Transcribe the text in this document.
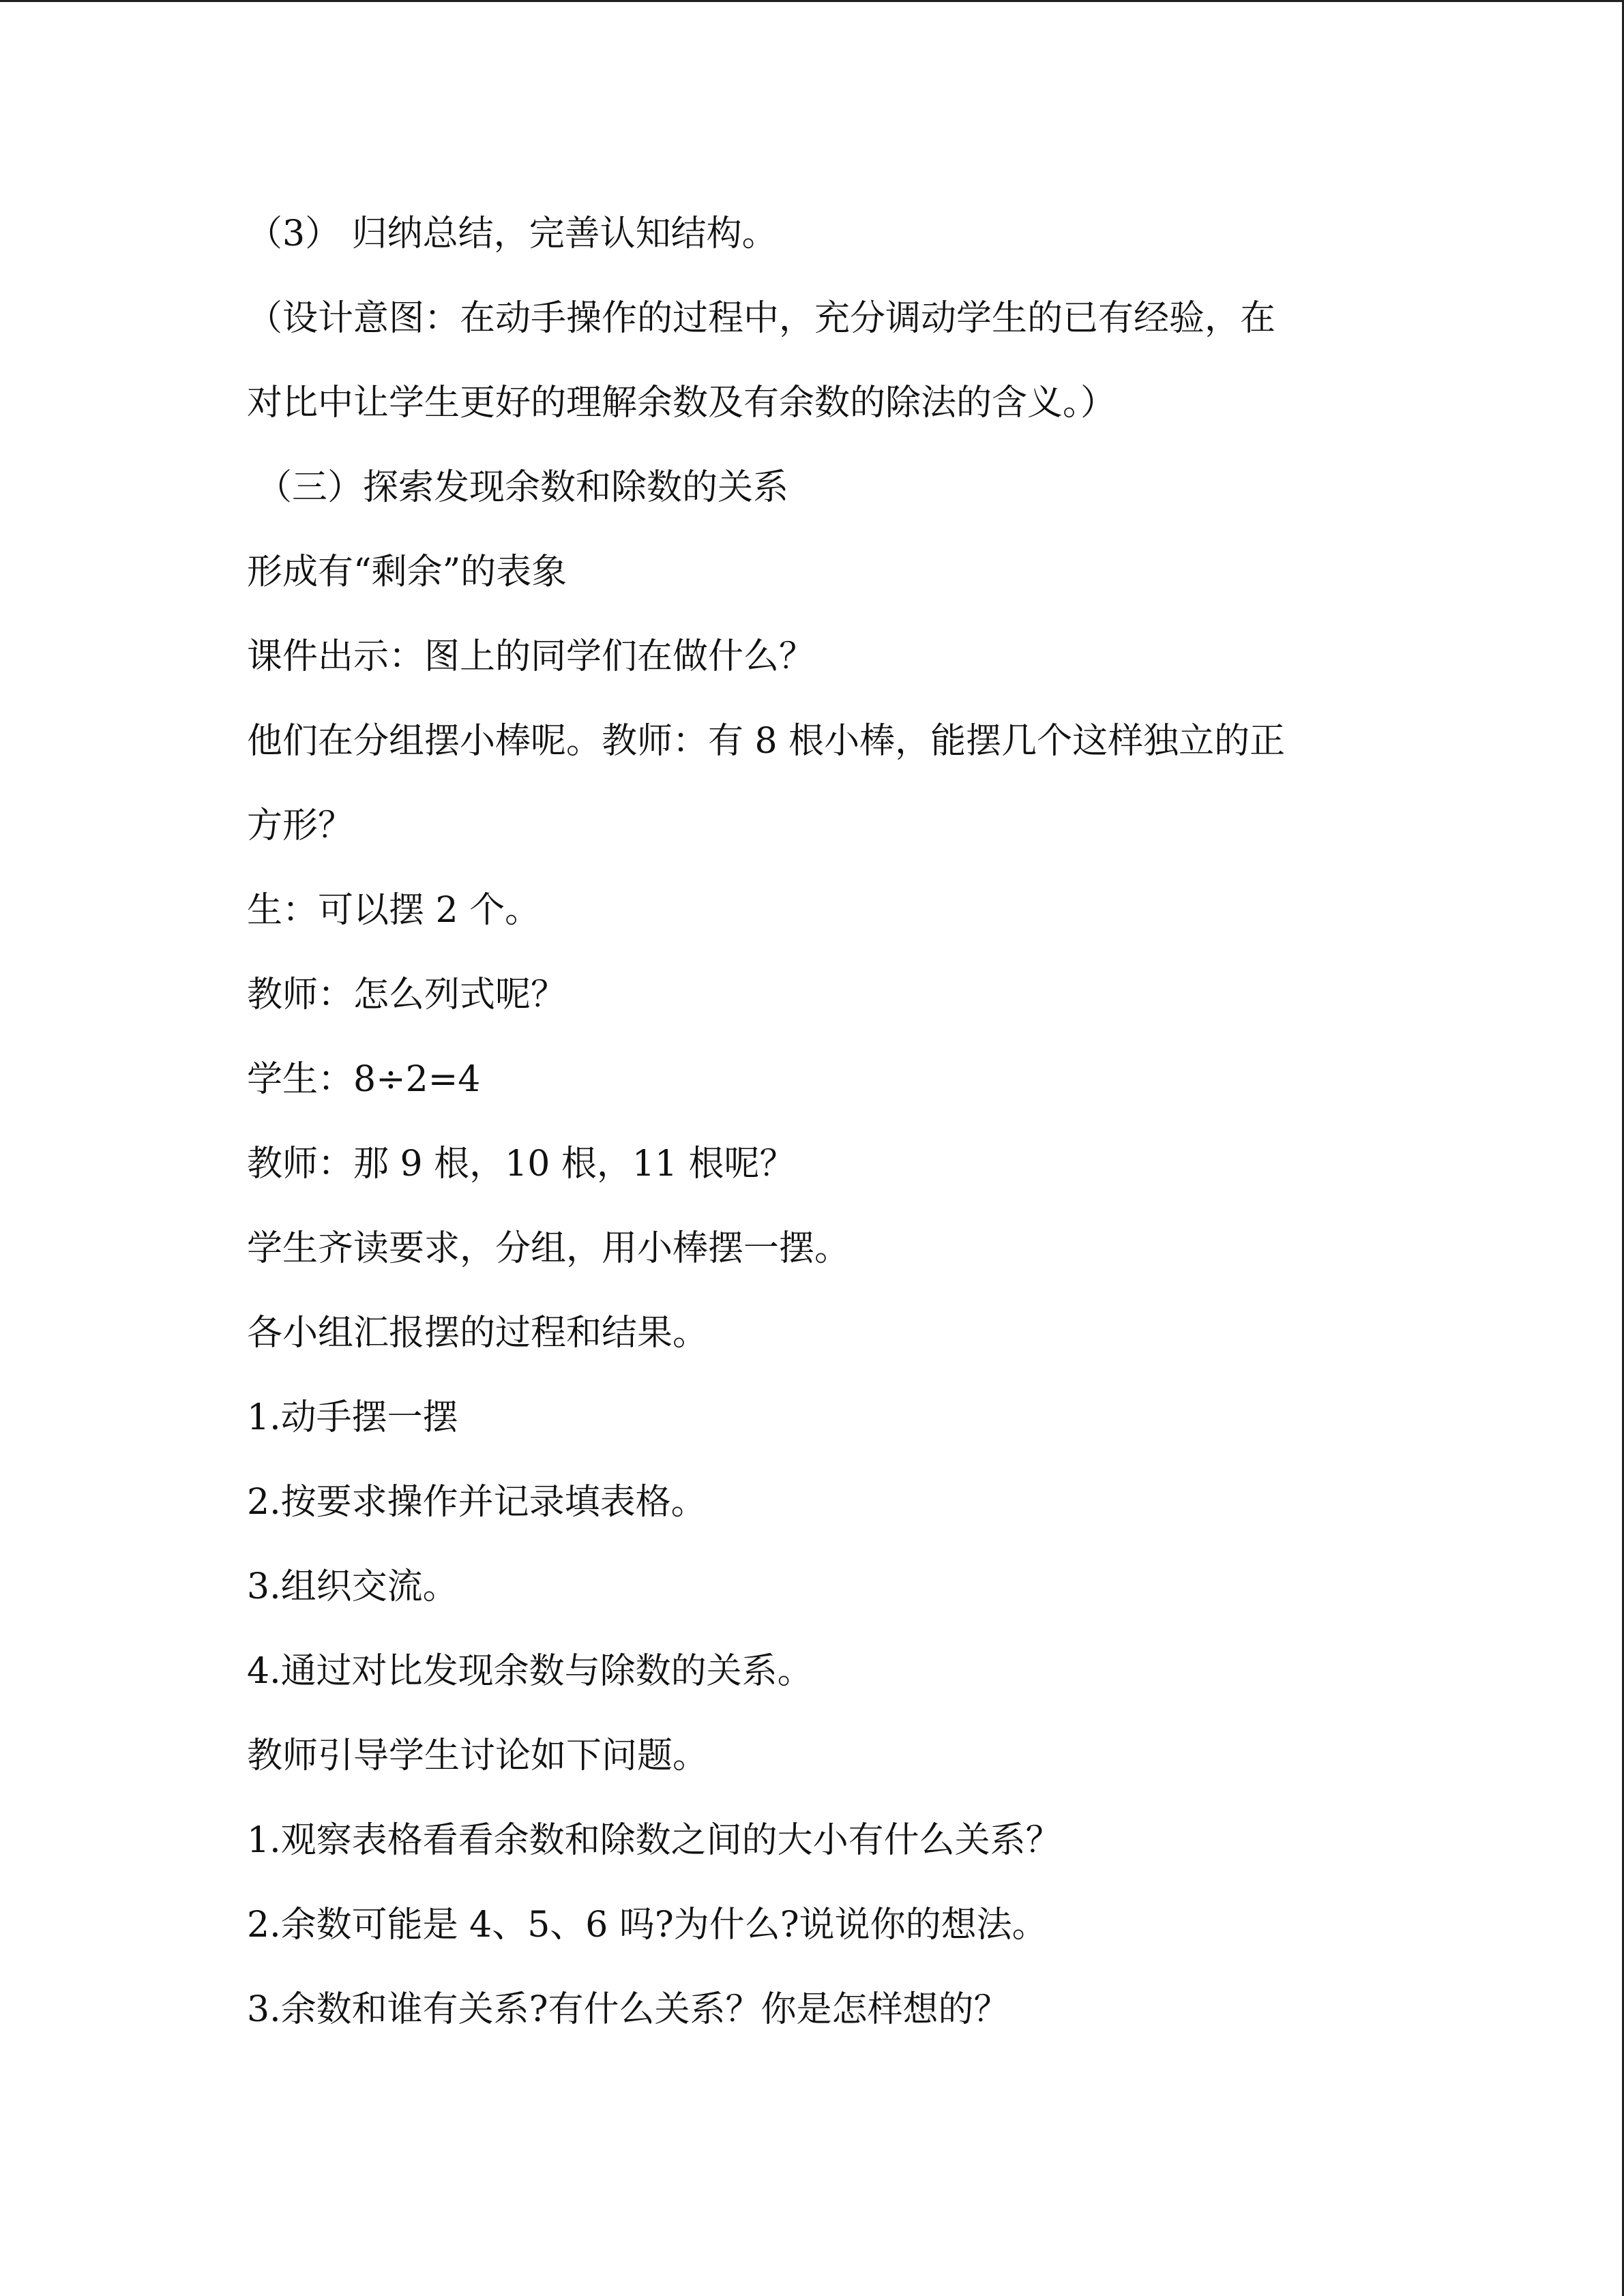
（3） 归纳总结，完善认知结构。
（设计意图：在动手操作的过程中，充分调动学生的已有经验，在
对比中让学生更好的理解余数及有余数的除法的含义。）
（三）探索发现余数和除数的关系
形成有“剩余”的表象
课件出示：图上的同学们在做什么？
他们在分组摆小棒呢。教师：有 8 根小棒，能摆几个这样独立的正
方形？
生：可以摆 2 个。
教师：怎么列式呢？
学生：8÷2=4
教师：那 9 根，10 根，11 根呢？
学生齐读要求，分组，用小棒摆一摆。
各小组汇报摆的过程和结果。
1.动手摆一摆
2.按要求操作并记录填表格。
3.组织交流。
4.通过对比发现余数与除数的关系。
教师引导学生讨论如下问题。
1.观察表格看看余数和除数之间的大小有什么关系？
2.余数可能是 4、5、6 吗?为什么?说说你的想法。
3.余数和谁有关系?有什么关系？你是怎样想的？
